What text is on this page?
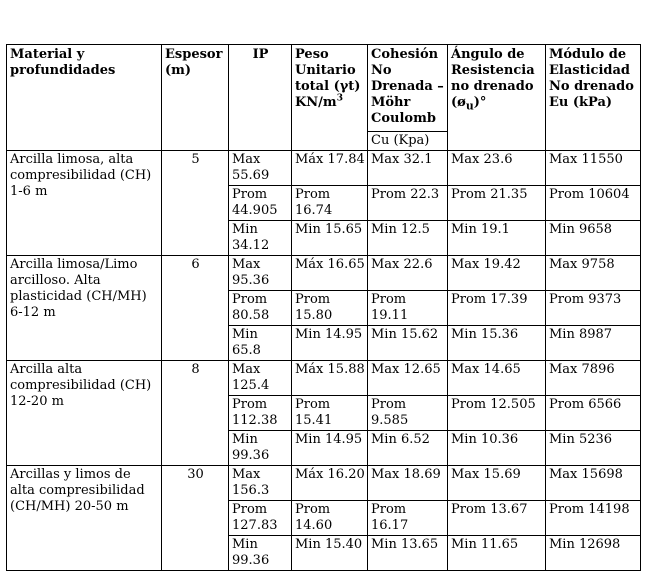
Material y profundidades	Espesor (m)	IP	Peso Unitario total (γt) $KN/m^3$	Cohesión No Drenada – Möhr Coulomb	Ángulo de Resistencia no drenado $(ø_u)^\circ$	Módulo de Elasticidad No drenado Eu (kPa)
				Cu (Kpa)		
Arcilla limosa, alta compresibilidad (CH) 1-6 m	5	Max 55.69	Máx 17.84	Max 32.1	Max 23.6	Max 11550
		Prom 44.905	Prom 16.74	Prom 22.3	Prom 21.35	Prom 10604
		Min 34.12	Min 15.65	Min 12.5	Min 19.1	Min 9658
Arcilla limosa/Limo arcilloso. Alta plasticidad (CH/MH) 6-12 m	6	Max 95.36	Máx 16.65	Max 22.6	Max 19.42	Max 9758
		Prom 80.58	Prom 15.80	Prom 19.11	Prom 17.39	Prom 9373
		Min 65.8	Min 14.95	Min 15.62	Min 15.36	Min 8987
Arcilla alta compresibilidad (CH) 12-20 m	8	Max 125.4	Máx 15.88	Max 12.65	Max 14.65	Max 7896
		Prom 112.38	Prom 15.41	Prom 9.585	Prom 12.505	Prom 6566
		Min 99.36	Min 14.95	Min 6.52	Min 10.36	Min 5236
Arcillas y limos de alta compresibilidad (CH/MH) 20-50 m	30	Max 156.3	Máx 16.20	Max 18.69	Max 15.69	Max 15698
		Prom 127.83	Prom 14.60	Prom 16.17	Prom 13.67	Prom 14198
		Min 99.36	Min 15.40	Min 13.65	Min 11.65	Min 12698
